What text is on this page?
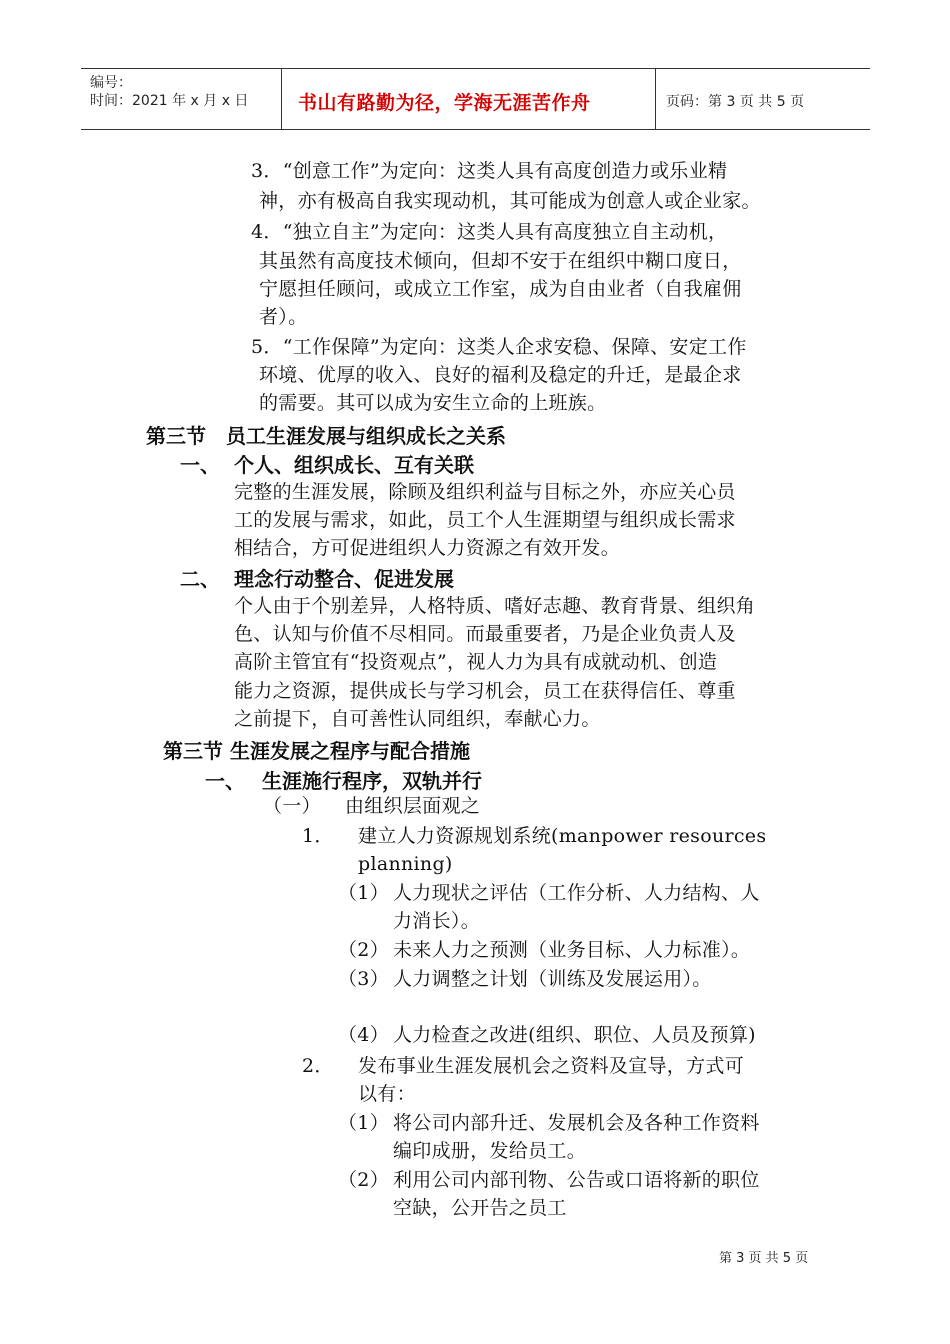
编号：
时间：2021 年 x 月 x 日	书山有路勤为径，学海无涯苦作舟	页码：第 3 页 共 5 页
3．“创意工作”为定向：这类人具有高度创造力或乐业精
神，亦有极高自我实现动机，其可能成为创意人或企业家。
4．“独立自主”为定向：这类人具有高度独立自主动机，
其虽然有高度技术倾向，但却不安于在组织中糊口度日，
宁愿担任顾问，或成立工作室，成为自由业者（自我雇佣
者）。
5．“工作保障”为定向：这类人企求安稳、保障、安定工作
环境、优厚的收入、良好的福利及稳定的升迁，是最企求
的需要。其可以成为安生立命的上班族。
第三节　员工生涯发展与组织成长之关系
一、 个人、组织成长、互有关联
完整的生涯发展，除顾及组织利益与目标之外，亦应关心员
工的发展与需求，如此，员工个人生涯期望与组织成长需求
相结合，方可促进组织人力资源之有效开发。
二、 理念行动整合、促进发展
个人由于个别差异，人格特质、嗜好志趣、教育背景、组织角
色、认知与价值不尽相同。而最重要者，乃是企业负责人及
高阶主管宜有“投资观点”，视人力为具有成就动机、创造
能力之资源，提供成长与学习机会，员工在获得信任、尊重
之前提下，自可善性认同组织，奉献心力。
第三节 生涯发展之程序与配合措施
一、 生涯施行程序，双轨并行
（一） 由组织层面观之
1． 建立人力资源规划系统(manpower resources
planning)
（1） 人力现状之评估（工作分析、人力结构、人
力消长）。
（2） 未来人力之预测（业务目标、人力标准）。
（3） 人力调整之计划（训练及发展运用）。
（4） 人力检查之改进(组织、职位、人员及预算)
2． 发布事业生涯发展机会之资料及宣导，方式可
以有：
（1） 将公司内部升迁、发展机会及各种工作资料
编印成册，发给员工。
（2） 利用公司内部刊物、公告或口语将新的职位
空缺，公开告之员工
第 3 页 共 5 页
